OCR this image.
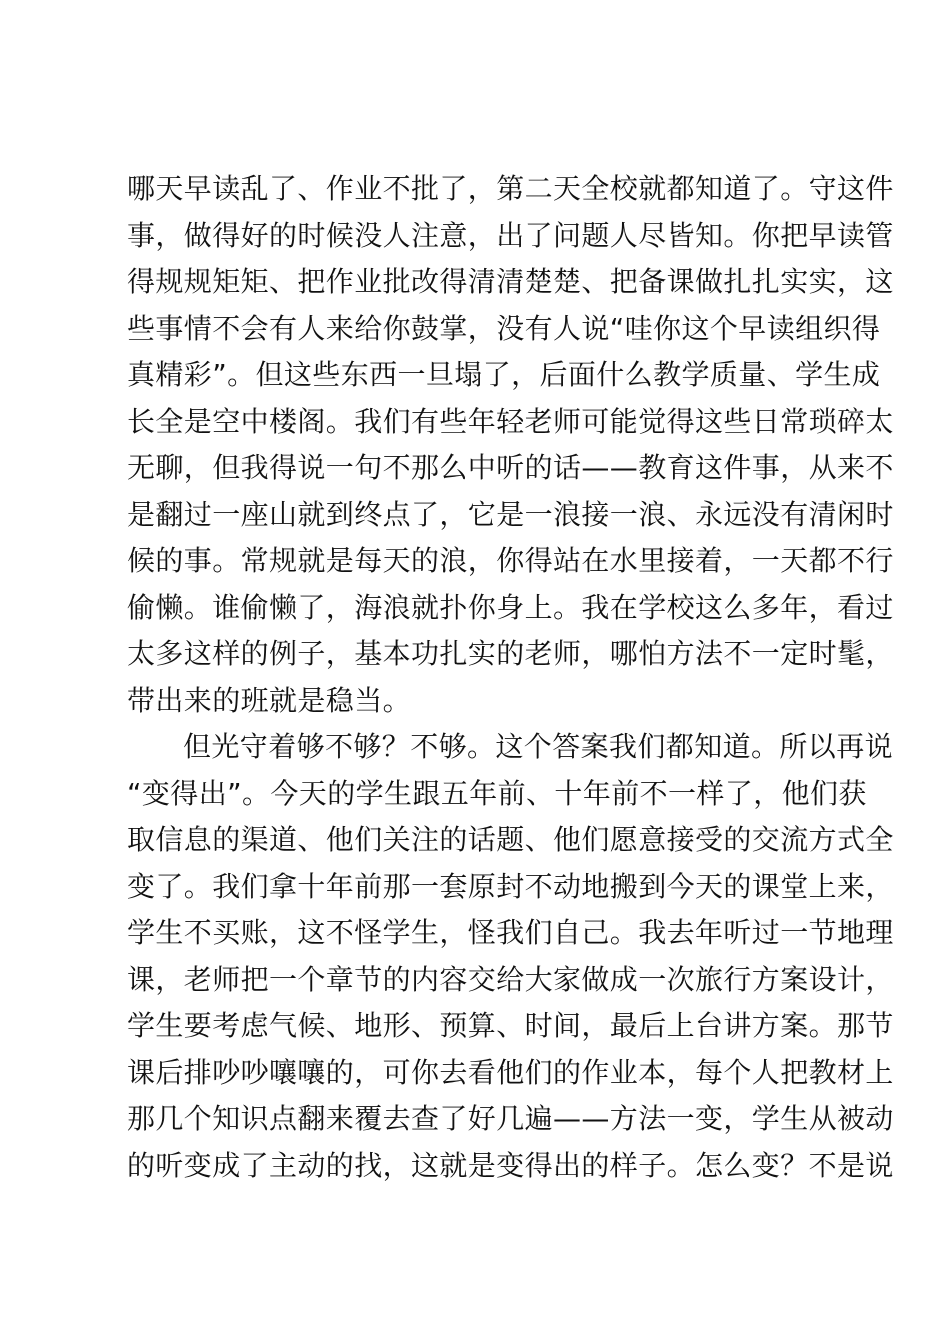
哪天早读乱了、作业不批了，第二天全校就都知道了。守这件
事，做得好的时候没人注意，出了问题人尽皆知。你把早读管
得规规矩矩、把作业批改得清清楚楚、把备课做扎扎实实，这
些事情不会有人来给你鼓掌，没有人说“哇你这个早读组织得
真精彩”。但这些东西一旦塌了，后面什么教学质量、学生成
长全是空中楼阁。我们有些年轻老师可能觉得这些日常琐碎太
无聊，但我得说一句不那么中听的话——教育这件事，从来不
是翻过一座山就到终点了，它是一浪接一浪、永远没有清闲时
候的事。常规就是每天的浪，你得站在水里接着，一天都不行
偷懒。谁偷懒了，海浪就扑你身上。我在学校这么多年，看过
太多这样的例子，基本功扎实的老师，哪怕方法不一定时髦，
带出来的班就是稳当。
但光守着够不够？不够。这个答案我们都知道。所以再说
“变得出”。今天的学生跟五年前、十年前不一样了，他们获
取信息的渠道、他们关注的话题、他们愿意接受的交流方式全
变了。我们拿十年前那一套原封不动地搬到今天的课堂上来，
学生不买账，这不怪学生，怪我们自己。我去年听过一节地理
课，老师把一个章节的内容交给大家做成一次旅行方案设计，
学生要考虑气候、地形、预算、时间，最后上台讲方案。那节
课后排吵吵嚷嚷的，可你去看他们的作业本，每个人把教材上
那几个知识点翻来覆去查了好几遍——方法一变，学生从被动
的听变成了主动的找，这就是变得出的样子。怎么变？不是说
